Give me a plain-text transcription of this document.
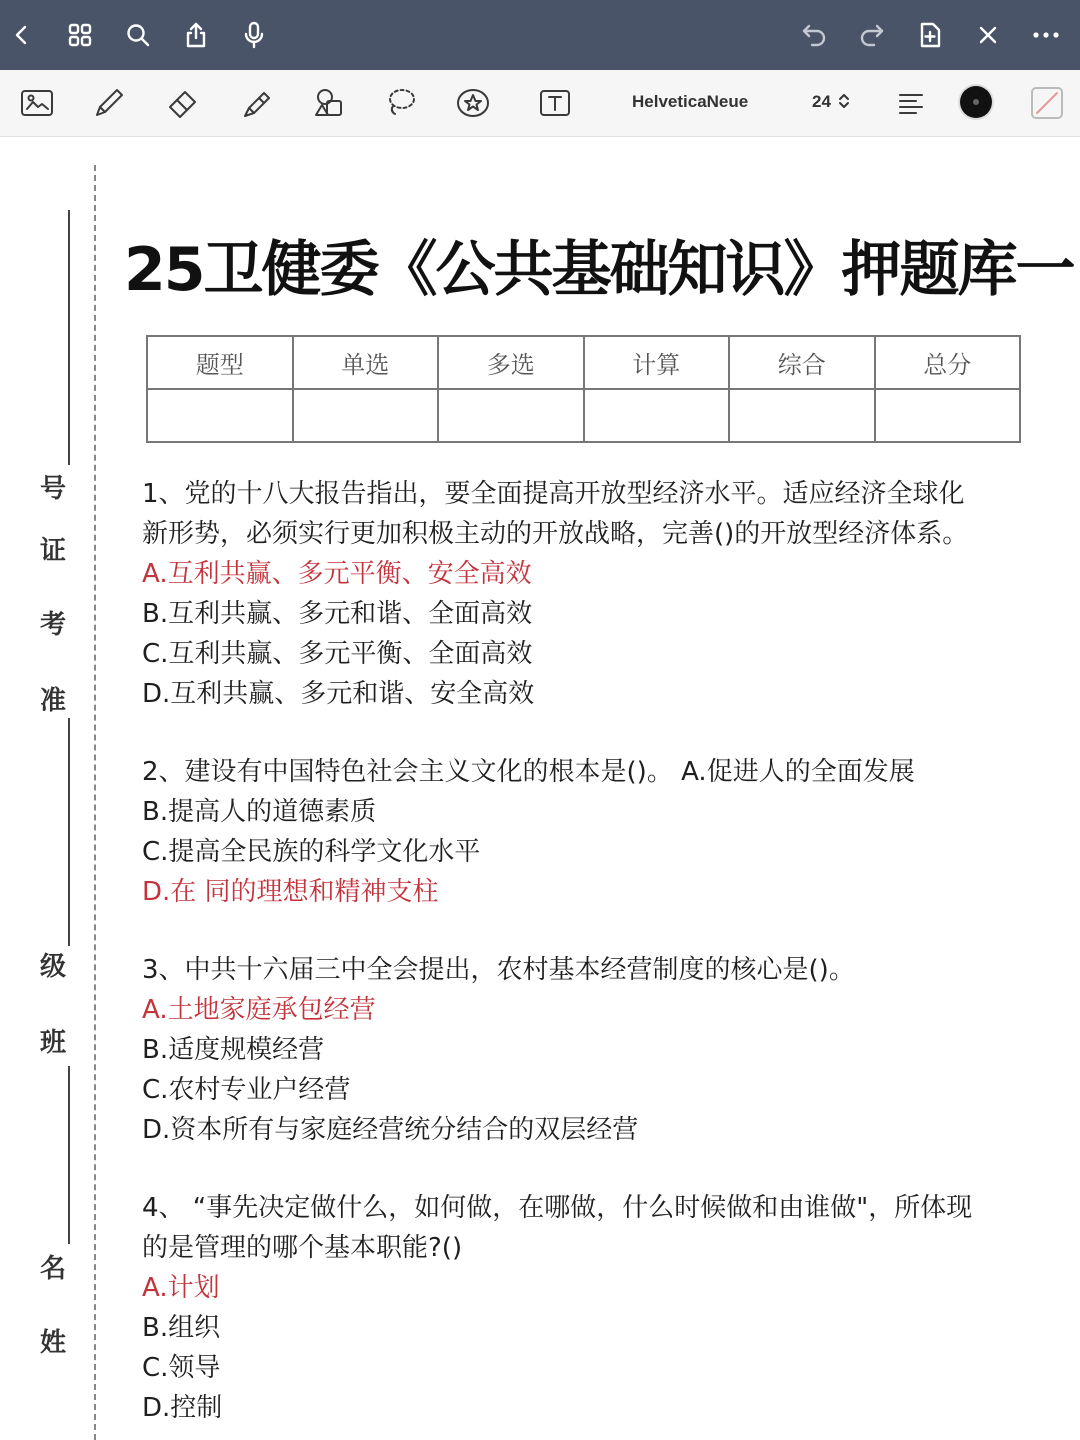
HelveticaNeue	24
号
证
考
准
级
班
名
姓
25卫健委《公共基础知识》押题库一
题型	单选	多选	计算	综合	总分

1、党的十八大报告指出，要全面提高开放型经济水平。适应经济全球化
新形势，必须实行更加积极主动的开放战略，完善()的开放型经济体系。
A.互利共赢、多元平衡、安全高效
B.互利共赢、多元和谐、全面高效
C.互利共赢、多元平衡、全面高效
D.互利共赢、多元和谐、安全高效
2、建设有中国特色社会主义文化的根本是()。 A.促进人的全面发展
B.提高人的道德素质
C.提高全民族的科学文化水平
D.在 同的理想和精神支柱
3、中共十六届三中全会提出，农村基本经营制度的核心是()。
A.土地家庭承包经营
B.适度规模经营
C.农村专业户经营
D.资本所有与家庭经营统分结合的双层经营
4、 “事先决定做什么，如何做，在哪做，什么时候做和由谁做"，所体现
的是管理的哪个基本职能?()
A.计划
B.组织
C.领导
D.控制
